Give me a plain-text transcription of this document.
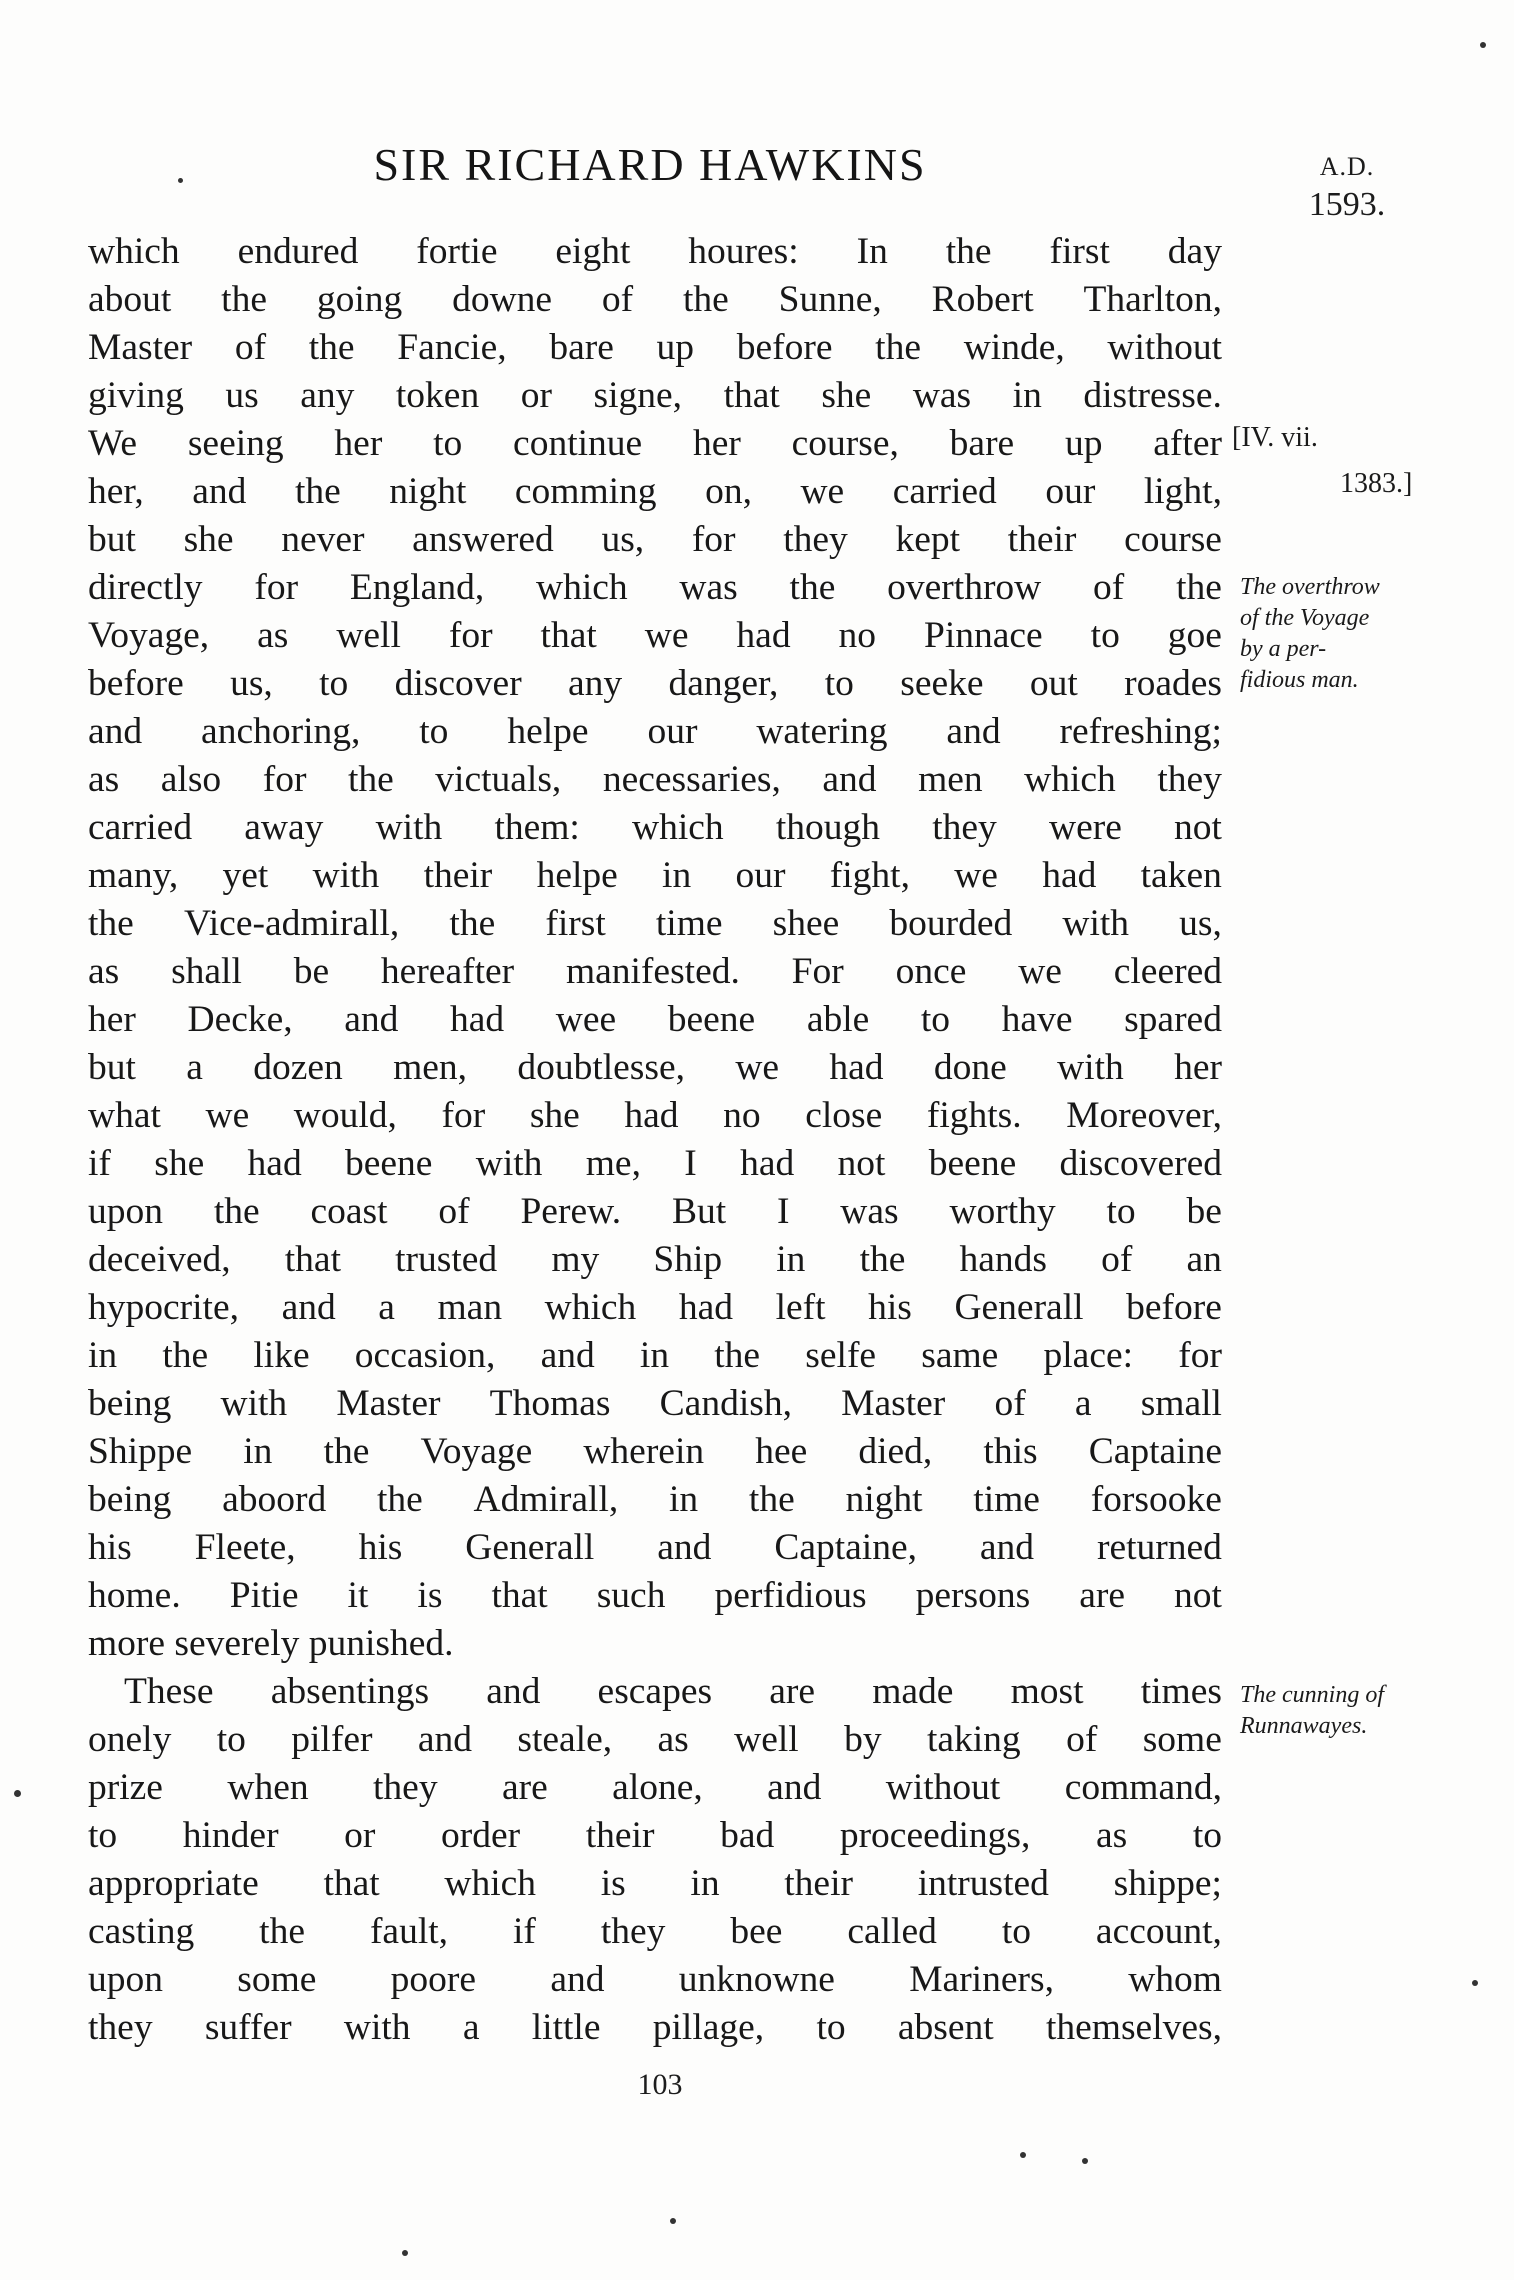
SIR RICHARD HAWKINS	A.D.
1593.
which endured fortie eight houres: In the first day
about the going downe of the Sunne, Robert Tharlton,
Master of the Fancie, bare up before the winde, without
giving us any token or signe, that she was in distresse.
We seeing her to continue her course, bare up after
her, and the night comming on, we carried our light,
but she never answered us, for they kept their course
directly for England, which was the overthrow of the
Voyage, as well for that we had no Pinnace to goe
before us, to discover any danger, to seeke out roades
and anchoring, to helpe our watering and refreshing;
as also for the victuals, necessaries, and men which they
carried away with them: which though they were not
many, yet with their helpe in our fight, we had taken
the Vice-admirall, the first time shee bourded with us,
as shall be hereafter manifested. For once we cleered
her Decke, and had wee beene able to have spared
but a dozen men, doubtlesse, we had done with her
what we would, for she had no close fights. Moreover,
if she had beene with me, I had not beene discovered
upon the coast of Perew. But I was worthy to be
deceived, that trusted my Ship in the hands of an
hypocrite, and a man which had left his Generall before
in the like occasion, and in the selfe same place: for
being with Master Thomas Candish, Master of a small
Shippe in the Voyage wherein hee died, this Captaine
being aboord the Admirall, in the night time forsooke
his Fleete, his Generall and Captaine, and returned
home. Pitie it is that such perfidious persons are not
more severely punished.
These absentings and escapes are made most times
onely to pilfer and steale, as well by taking of some
prize when they are alone, and without command,
to hinder or order their bad proceedings, as to
appropriate that which is in their intrusted shippe;
casting the fault, if they bee called to account,
upon some poore and unknowne Mariners, whom
they suffer with a little pillage, to absent themselves,
[IV. vii.
1383.]
The overthrow
of the Voyage
by a per-
fidious man.
The cunning of
Runnawayes.
103
